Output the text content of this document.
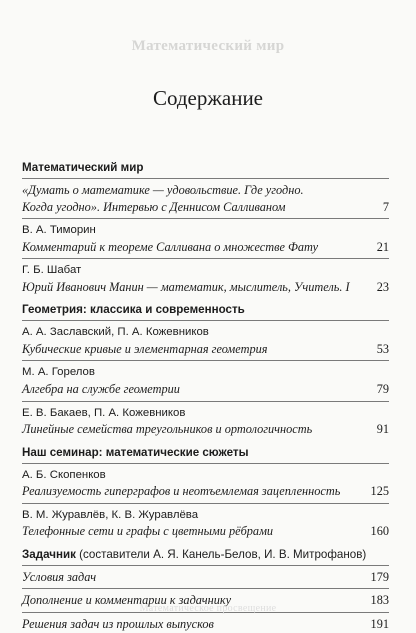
Математический мир
Содержание
Математический мир
«Думать о математике — удовольствие. Где угодно.
Когда угодно». Интервью с Деннисом Салливаном	7
В. А. Тиморин
Комментарий к теореме Салливана о множестве Фату	21
Г. Б. Шабат
Юрий Иванович Манин — математик, мыслитель, Учитель. I 23
Геометрия: классика и современность
А. А. Заславский, П. А. Кожевников
Кубические кривые и элементарная геометрия	53
М. А. Горелов
Алгебра на службе геометрии	79
Е. В. Бакаев, П. А. Кожевников
Линейные семейства треугольников и ортологичность	91
Наш семинар: математические сюжеты
А. Б. Скопенков
Реализуемость гиперграфов и неотъемлемая зацепленность 125
В. М. Журавлёв, К. В. Журавлёва
Телефонные сети и графы с цветными рёбрами	160
Задачник (составители А. Я. Канель-Белов, И. В. Митрофанов)
Условия задач	179
Дополнение и комментарии к задачнику	183
Решения задач из прошлых выпусков	191
Математическое просвещение
